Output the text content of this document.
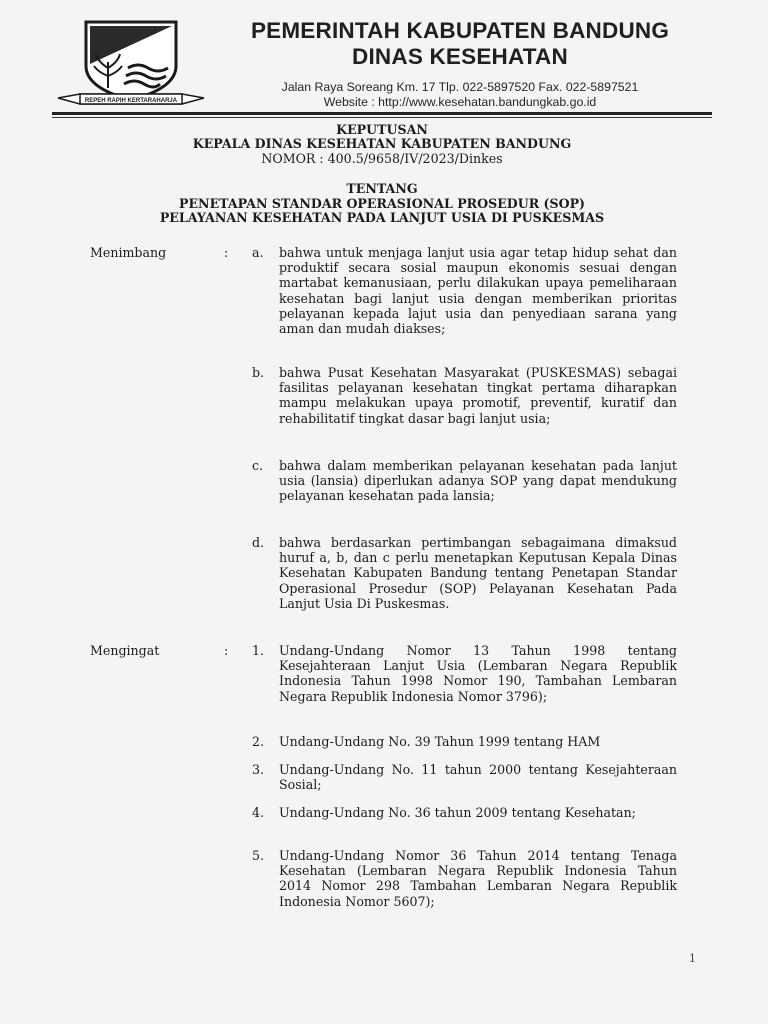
REPEH RAPIH KERTARAHARJA
PEMERINTAH KABUPATEN BANDUNG
DINAS KESEHATAN
Jalan Raya Soreang Km. 17 Tlp. 022-5897520 Fax. 022-5897521
Website : http://www.kesehatan.bandungkab.go.id
KEPUTUSAN
KEPALA DINAS KESEHATAN KABUPATEN BANDUNG
NOMOR : 400.5/9658/IV/2023/Dinkes
TENTANG
PENETAPAN STANDAR OPERASIONAL PROSEDUR (SOP)
PELAYANAN KESEHATAN PADA LANJUT USIA DI PUSKESMAS
Menimbang	: a. bahwa untuk menjaga lanjut usia agar tetap hidup sehat dan produktif secara sosial maupun ekonomis sesuai dengan martabat kemanusiaan, perlu dilakukan upaya pemeliharaan kesehatan bagi lanjut usia dengan memberikan prioritas pelayanan kepada lajut usia dan penyediaan sarana yang aman dan mudah diakses;
b. bahwa Pusat Kesehatan Masyarakat (PUSKESMAS) sebagai fasilitas pelayanan kesehatan tingkat pertama diharapkan mampu melakukan upaya promotif, preventif, kuratif dan rehabilitatif tingkat dasar bagi lanjut usia;
c. bahwa dalam memberikan pelayanan kesehatan pada lanjut usia (lansia) diperlukan adanya SOP yang dapat mendukung pelayanan kesehatan pada lansia;
d. bahwa berdasarkan pertimbangan sebagaimana dimaksud huruf a, b, dan c perlu menetapkan Keputusan Kepala Dinas Kesehatan Kabupaten Bandung tentang Penetapan Standar Operasional Prosedur (SOP) Pelayanan Kesehatan Pada Lanjut Usia Di Puskesmas.
Mengingat	: 1. Undang-Undang Nomor 13 Tahun 1998 tentang Kesejahteraan Lanjut Usia (Lembaran Negara Republik Indonesia Tahun 1998 Nomor 190, Tambahan Lembaran Negara Republik Indonesia Nomor 3796);
2. Undang-Undang No. 39 Tahun 1999 tentang HAM
3. Undang-Undang No. 11 tahun 2000 tentang Kesejahteraan Sosial;
4. Undang-Undang No. 36 tahun 2009 tentang Kesehatan;
5. Undang-Undang Nomor 36 Tahun 2014 tentang Tenaga Kesehatan (Lembaran Negara Republik Indonesia Tahun 2014 Nomor 298 Tambahan Lembaran Negara Republik Indonesia Nomor 5607);
1
